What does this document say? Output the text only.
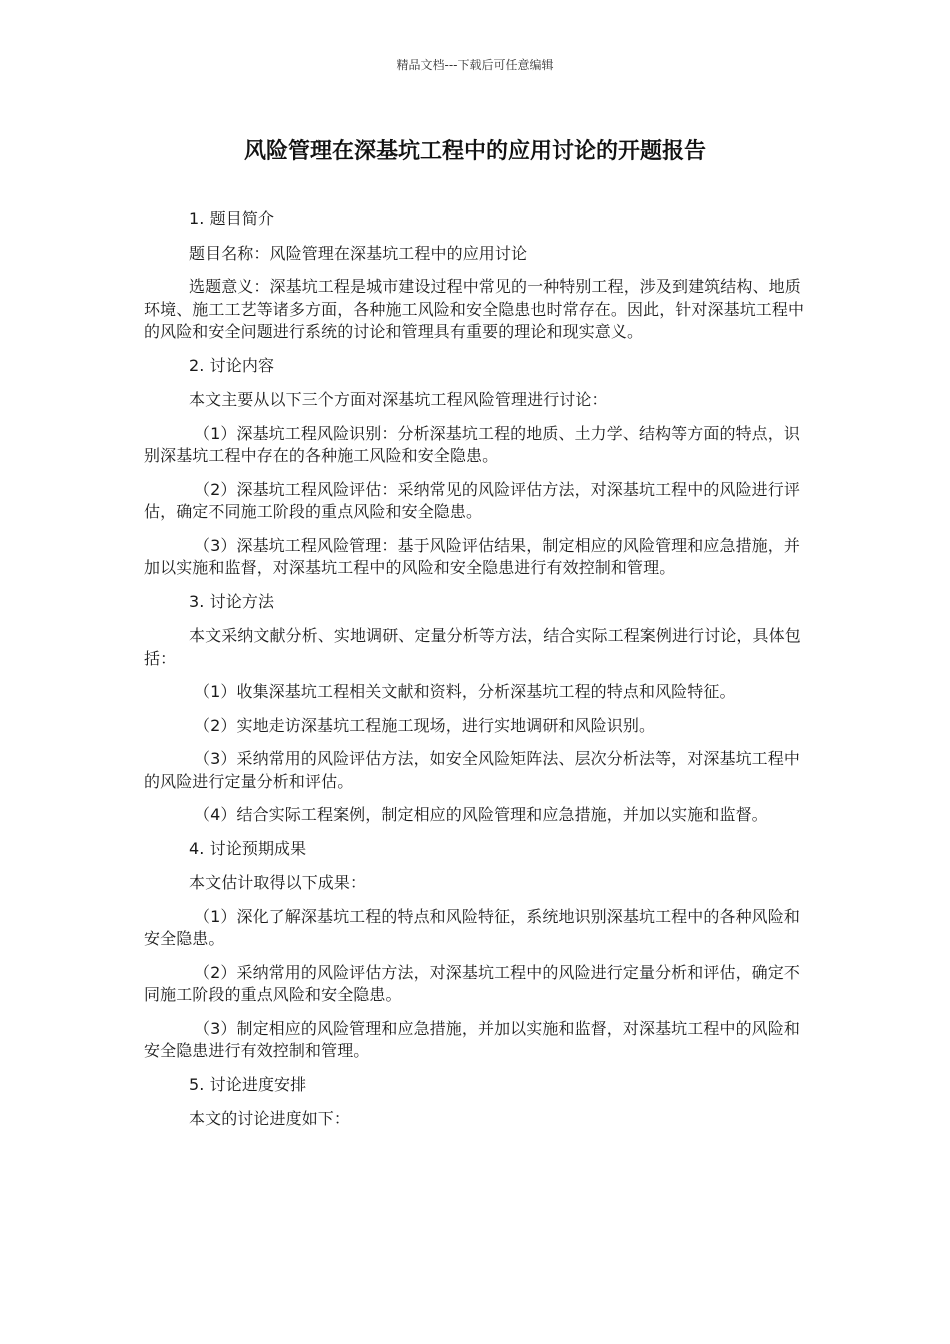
精品文档---下载后可任意编辑
风险管理在深基坑工程中的应用讨论的开题报告

1. 题目简介

题目名称：风险管理在深基坑工程中的应用讨论

选题意义：深基坑工程是城市建设过程中常见的一种特别工程，涉及到建筑结构、地质环境、施工工艺等诸多方面，各种施工风险和安全隐患也时常存在。因此，针对深基坑工程中的风险和安全问题进行系统的讨论和管理具有重要的理论和现实意义。

2. 讨论内容

本文主要从以下三个方面对深基坑工程风险管理进行讨论：

（1）深基坑工程风险识别：分析深基坑工程的地质、土力学、结构等方面的特点，识别深基坑工程中存在的各种施工风险和安全隐患。

（2）深基坑工程风险评估：采纳常见的风险评估方法，对深基坑工程中的风险进行评估，确定不同施工阶段的重点风险和安全隐患。

（3）深基坑工程风险管理：基于风险评估结果，制定相应的风险管理和应急措施，并加以实施和监督，对深基坑工程中的风险和安全隐患进行有效控制和管理。

3. 讨论方法

本文采纳文献分析、实地调研、定量分析等方法，结合实际工程案例进行讨论，具体包括：

（1）收集深基坑工程相关文献和资料，分析深基坑工程的特点和风险特征。

（2）实地走访深基坑工程施工现场，进行实地调研和风险识别。

（3）采纳常用的风险评估方法，如安全风险矩阵法、层次分析法等，对深基坑工程中的风险进行定量分析和评估。

（4）结合实际工程案例，制定相应的风险管理和应急措施，并加以实施和监督。

4. 讨论预期成果

本文估计取得以下成果：

（1）深化了解深基坑工程的特点和风险特征，系统地识别深基坑工程中的各种风险和安全隐患。

（2）采纳常用的风险评估方法，对深基坑工程中的风险进行定量分析和评估，确定不同施工阶段的重点风险和安全隐患。

（3）制定相应的风险管理和应急措施，并加以实施和监督，对深基坑工程中的风险和安全隐患进行有效控制和管理。

5. 讨论进度安排

本文的讨论进度如下：
